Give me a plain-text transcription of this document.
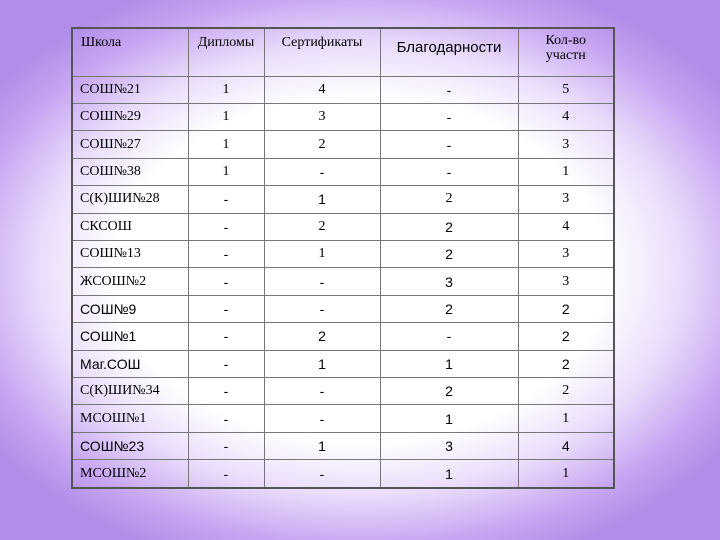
Школа	Дипломы	Сертификаты	Благодарности	Кол-во
участн

СОШ№21	1	4	-	5
СОШ№29	1	3	-	4
СОШ№27	1	2	-	3
СОШ№38	1	-	-	1
С(К)ШИ№28	-	1	2	3
СКСОШ	-	2	2	4
СОШ№13	-	1	2	3
ЖСОШ№2	-	-	3	3
СОШ№9	-	-	2	2
СОШ№1	-	2	-	2
Маг.СОШ	-	1	1	2
С(К)ШИ№34	-	-	2	2
МСОШ№1	-	-	1	1
СОШ№23	-	1	3	4
МСОШ№2	-	-	1	1
